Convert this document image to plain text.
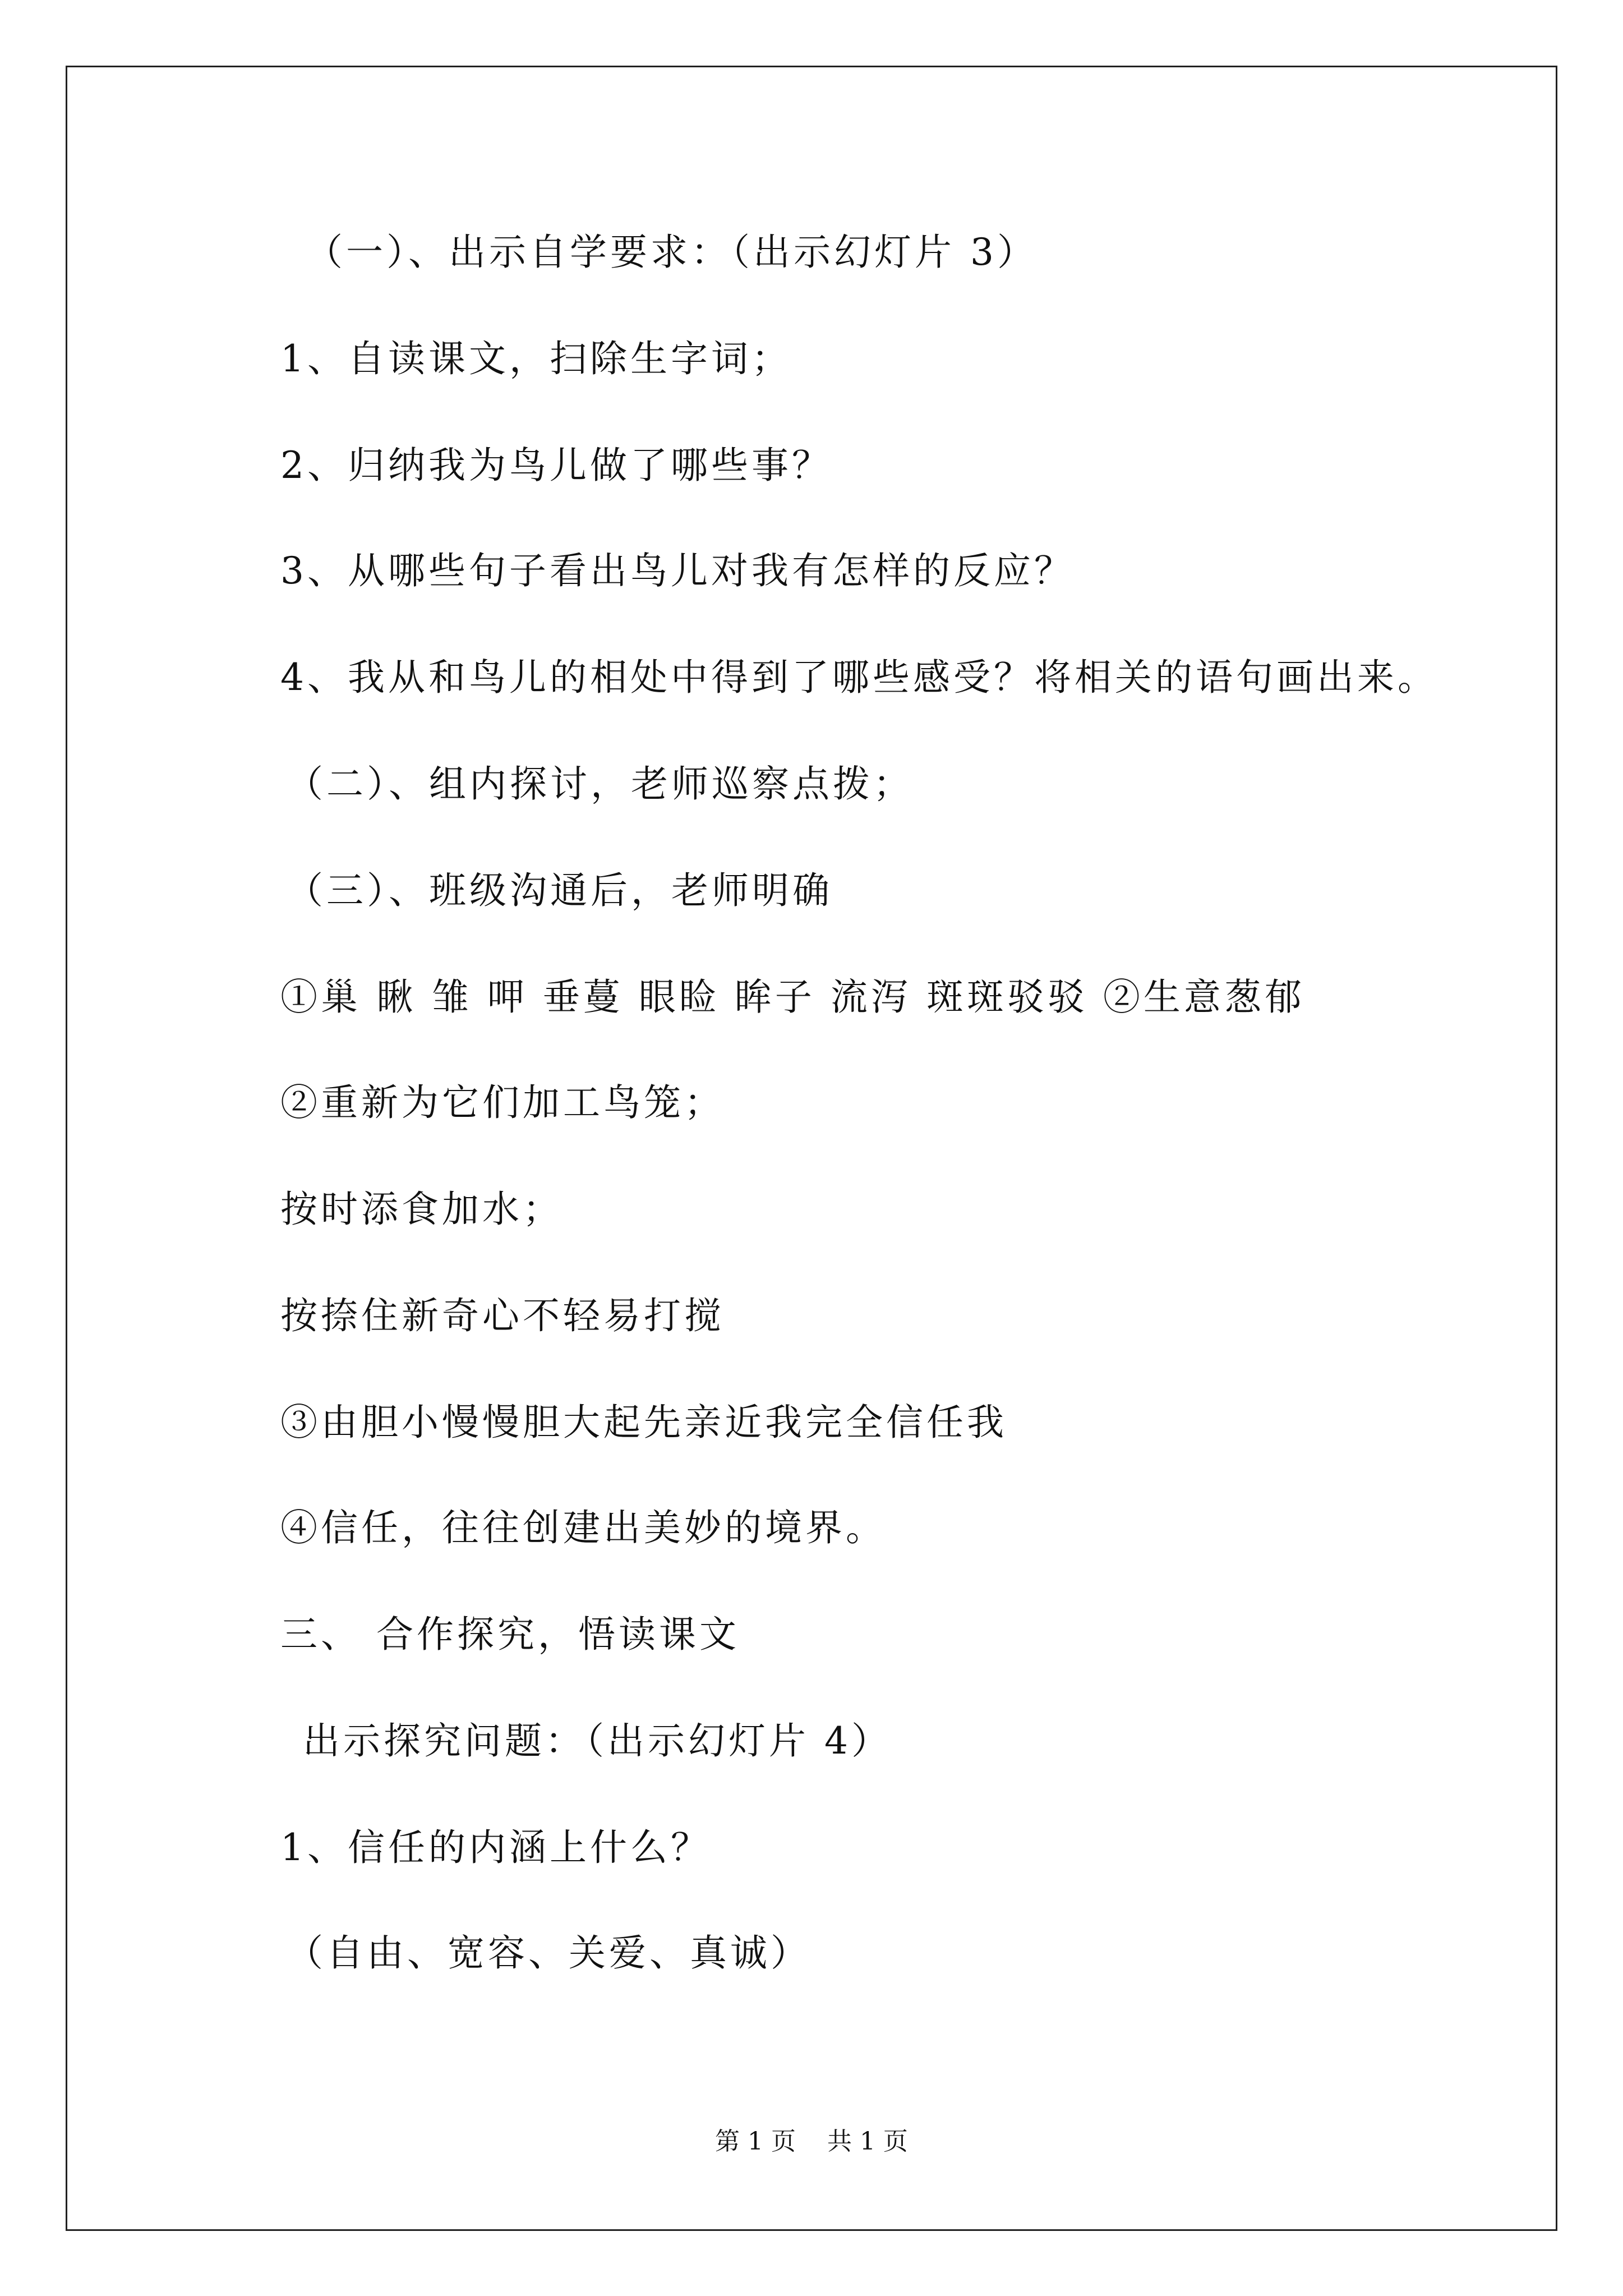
（一）、出示自学要求：（出示幻灯片 3）
1、自读课文，扫除生字词；
2、归纳我为鸟儿做了哪些事？
3、从哪些句子看出鸟儿对我有怎样的反应？
4、我从和鸟儿的相处中得到了哪些感受？将相关的语句画出来。
（二）、组内探讨，老师巡察点拨；
（三）、班级沟通后，老师明确
①巢 瞅 雏 呷 垂蔓 眼睑 眸子 流泻 斑斑驳驳 ②生意葱郁
②重新为它们加工鸟笼；
按时添食加水；
按捺住新奇心不轻易打搅
③由胆小慢慢胆大起先亲近我完全信任我
④信任，往往创建出美妙的境界。
三、 合作探究，悟读课文
出示探究问题：（出示幻灯片 4）
1、信任的内涵上什么？
（自由、宽容、关爱、真诚）
第 1 页    共 1 页
